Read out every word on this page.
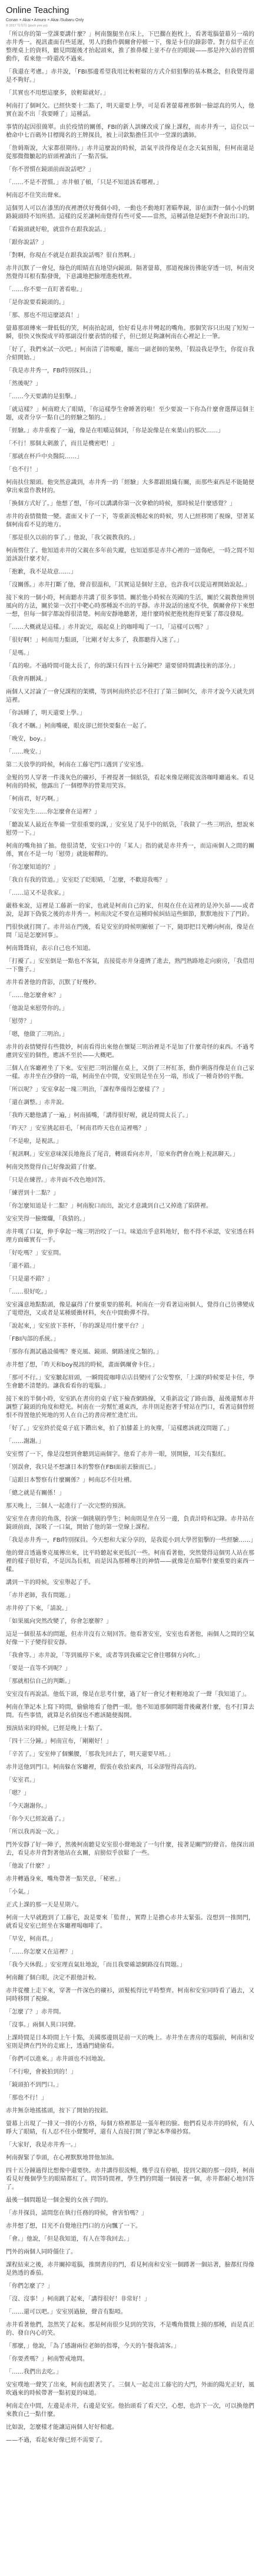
Online Teaching
Conan × Akai • Amuro × Akai /Subaru Only
© 2017 每每每 (poch yon yo)

「所以你的第一堂課要講什麼？」柯南盤腿坐在床上，下巴擱在抱枕上，看著電腦螢幕另一端的赤井秀一。視訊畫面有些延遲，男人的動作偶爾會停頓一下，像是卡住的錄影帶。對方似乎正在整理桌上的資料，聽見問題後才抬起頭來，推了推鼻樑上並不存在的眼鏡——那是沖矢昴的習慣動作，看來他一時還改不過來。

「我還在考慮。」赤井說，「FBI那邊希望我用比較輕鬆的方式介紹狙擊的基本概念，但我覺得還是不夠好。」

「其實也不用想這麼多，放輕鬆就好。」

柯南打了個呵欠。已經快要十二點了，明天還要上學，可是看著螢幕裡那個一臉認真的男人，他實在說不出「我要睡了」這種話。

事情的起因很簡單。由於疫情的關係，FBI的新人訓練改成了線上課程，而赤井秀一，這位以一槍命中七百碼外目標聞名的王牌探員，被上司欽點擔任其中一堂課的講師。

「詹姆斯說，大家都很期待。」赤井這麼說的時候，語氣平淡得像是在念天氣預報，但柯南還是從那微微皺起的眉頭裡讀出了一點苦惱。

「你不習慣在鏡頭前面說話吧？」

「……不是不習慣。」赤井頓了頓，「只是不知道該看哪裡。」

柯南忍不住笑出聲來。

這個男人可以在漆黑的夜裡潛伏好幾個小時，一動也不動地盯著瞄準鏡，卻在面對一個小小的網路鏡頭時不知所措。這樣的反差讓柯南覺得有些可愛——當然，這種話他是絕對不會說出口的。

「看鏡頭就好啦，就當作在跟我說話。」

「跟你說話？」

「對啊，你現在不就是在跟我說話嗎？很自然啊。」

赤井沉默了一會兒，綠色的眼睛直直地望向鏡頭。隔著螢幕，那道視線彷彿能穿透一切，柯南突然覺得耳根有點發燙，下意識地把臉埋進抱枕裡。

「……你不要一直盯著看啦。」

「是你說要看鏡頭的。」

「那、那也不用這麼認真！」

螢幕那頭傳來一聲低低的笑，柯南抬起頭，恰好看見赤井彎起的嘴角。那個笑容只出現了短短一瞬，很快又恢復成平時那副沒什麼表情的樣子，但已經足夠讓柯南在心裡記上一筆。

「好了，我們來試一次吧。」柯南清了清喉嚨，擺出一副老師的架勢，「假設我是學生，你從自我介紹開始。」

「我是赤井秀一，FBI特別探員。」

「然後呢？」

「……今天要講的是狙擊。」

「就這樣？」柯南瞪大了眼睛，「你這樣學生會睡著的啦！至少要說一下你為什麼會選擇這個主題，或者分享一點自己的經驗之類的。」

「經驗。」赤井重複了一遍，像是在咀嚼這個詞，「你是說像是在來葉山的那次……」

「不行！那個太刺激了，而且是機密吧！」

「那就在杯戶中央醫院……」

「也不行！」

柯南扶住額頭。他突然意識到，赤井秀一的「經驗」大多都跟組織有關，而那些東西是不能隨便拿出來當作教材的。

「換個方式好了。」他想了想，「你可以講講你第一次拿槍的時候，那時候是什麼感覺？」

赤井的表情微微一變。畫面又卡了一下，等重新流暢起來的時候，男人已經移開了視線，望著某個柯南看不見的地方。

「那是很久以前的事了。」他說，「我父親教我的。」

柯南愣住了。他知道赤井的父親在多年前失蹤，也知道那是赤井心裡的一道傷疤，一時之間不知道該說什麼才好。

「抱歉，我不是故意……」

「沒關係。」赤井打斷了他，聲音很溫和，「其實這是個好主意，也許我可以從這裡開始說起。」

接下來的一個小時，柯南聽赤井講了很多事情。關於他小時候在英國的生活，關於父親教他辨別風向的方法，關於第一次打中靶心時那種說不出的平靜。赤井說話的速度不快，偶爾會停下來想一想，但每一個字都說得很清楚。柯南安靜地聽著，連什麼時候把抱枕抱得更緊了都沒發現。

「……大概就是這樣。」赤井說完，端起桌上的咖啡喝了一口，「這樣可以嗎？」

「很好啊！」柯南用力點頭，「比剛才好太多了，我都聽得入迷了。」

「是嗎。」

「真的啦。不過時間可能太長了，你的課只有四十五分鐘吧？還要留時間講技術的部分。」

「我會再刪減。」

兩個人又討論了一會兒課程的架構，等到柯南終於忍不住打了第三個呵欠，赤井才說今天就先到這裡。

「你該睡了，明天還要上學。」

「我才不睏。」柯南嘴硬，眼皮卻已經快要黏在一起了。

「晚安，boy。」

「……晚安。」

第二天放學的時候，柯南在工藤宅門口遇到了安室透。

金髮的男人穿著一件淺灰色的襯衫，手裡提著一個紙袋，看起來像是剛從波洛咖啡廳過來。看見柯南的時候，他露出了一個標準的營業用笑容。

「柯南君，好巧啊。」

「安室先生……你怎麼會在這裡？」

「聽說某人最近在準備一堂很重要的課，」安室晃了晃手中的紙袋，「我做了一些三明治，想說來慰勞一下。」

柯南的嘴角抽了抽。他很清楚，安室口中的「某人」指的就是赤井秀一，而這兩個人之間的關係，實在不是一句「慰勞」就能解釋的。

「你怎麼知道的？」

「我自有我的管道。」安室眨了眨眼睛，「怎麼，不歡迎我嗎？」

「……這又不是我家。」

嚴格來說，這裡是工藤新一的家，也就是柯南自己的家，但現在住在這裡的是沖矢昴——或者說，是卸下偽裝之後的赤井秀一。柯南決定不要在這種時候糾結這些細節，默默地按下了門鈴。

門很快就打開了。赤井站在門後，看見安室的時候明顯頓了一下，隨即把目光轉向柯南，像是在問「這是怎麼回事」。

柯南聳聳肩，表示自己也不知道。

「打擾了。」安室倒是一點也不客氣，直接從赤井身邊擠了進去，熟門熟路地走向廚房，「我借用一下盤子。」

赤井看著他的背影，沉默了好幾秒。

「……他怎麼會來？」

「他說是來慰勞你的。」

「慰勞？」

「嗯，他做了三明治。」

赤井的表情變得有些微妙，柯南看得出來他在懷疑三明治裡是不是加了什麼奇怪的東西。不過考慮到安室的個性，應該不至於——大概吧。

三個人在客廳裡坐了下來。安室把三明治擺在桌上，又倒了三杯紅茶，動作俐落得像是在自己家一樣。赤井坐在沙發的一端，柯南坐在中間，安室則是坐在另一端，形成了一種奇妙的平衡。

「所以呢？」安室拿起一塊三明治，「課程準備得怎麼樣了？」

「還在調整。」赤井說。

「我昨天聽他講了一遍，」柯南插嘴，「講得很好喔，就是時間太長了。」

「昨天？」安室挑起眉毛，「柯南君昨天也在這裡嗎？」

「不是啦，是視訊。」

「視訊啊。」安室意味深長地拖長了尾音，轉頭看向赤井，「原來你們會在晚上視訊聊天。」

柯南突然覺得自己好像說錯了什麼。

「只是在練習。」赤井面不改色地回答。

「練習到十二點？」

「你怎麼知道是十二點？」柯南脫口而出，說完才意識到自己又掉進了陷阱裡。

安室笑得一臉燦爛，「我猜的。」

赤井嘆了口氣，伸手拿起一塊三明治咬了一口。味道出乎意料地好，他不得不承認，安室透在料理方面確實有一手。

「好吃嗎？」安室問。

「還不錯。」

「只是還不錯？」

「……很好吃。」

安室滿意地點點頭，像是贏得了什麼重要的勝利。柯南在一旁看著這兩個人，覺得自己彷彿變成了電燈泡，又或者是某種緩衝材料，夾在中間動彈不得。

「說起來，」安室放下茶杯，「你的課是用什麼平台？」

「FBI內部的系統。」

「那你有測試過設備嗎？麥克風、鏡頭、網路速度之類的。」

赤井想了想，「昨天和boy視訊的時候，畫面偶爾會卡住。」

「那可不行。」安室皺起眉頭，一瞬間從咖啡店店員變回了公安警察，「上課的時候要是卡住，學生會聽不清楚的。讓我看看你的電腦。」

接下來的半個小時，安室趴在書房的桌子底下檢查網路線，又重新設定了路由器，最後還幫赤井調整了鏡頭的角度和燈光。柯南在一旁幫忙遞東西，赤井則是抱著手臂站在門口，看著這個曾經恨不得置他於死地的男人在自己的書房裡忙進忙出。

「好了。」安室終於從桌子底下鑽出來，拍了拍膝蓋上的灰塵，「這樣應該就沒問題了。」

「……謝謝。」

安室愣了一下，像是沒想到會聽到這兩個字。他看了赤井一眼，別開臉，耳尖有點紅。

「別誤會，我只是不想讓日本的警察在FBI面前丟臉而已。」

「這跟日本警察有什麼關係？」柯南忍不住吐槽。

「總之就是有關係！」

那天晚上，三個人一起進行了一次完整的預演。

安室坐在書房的角落，扮演一個挑剔的學生；柯南則是坐在另一邊，負責計時和記錄。赤井站在鏡頭前面，深吸了一口氣，開始了他的第一堂線上課程。

「我是赤井秀一，FBI特別探員。今天想和大家分享的，是我從小到大學習狙擊的一些經驗……」

他的聲音透過麥克風傳出來，比平時聽起來更低沉一些。柯南看著他，突然覺得這個男人站在那裡的樣子很好看，不是因為長相，而是因為那種專注的神情——就像是在瞄準什麼重要的東西一樣。

講到一半的時候，安室舉起了手。

「赤井老師，我有問題。」

赤井停了下來，「請說。」

「如果風向突然改變了，你會怎麼辦？」

這是一個很基本的問題，但赤井沒有立刻回答。他看著安室，安室也看著他，兩個人之間的空氣好像一下子變得很安靜。

「我會等。」赤井說，「等到風停下來，或者等到我確定它會往哪個方向吹。」

「要是一直等不到呢？」

「那就相信自己的判斷。」

安室沒有再說話。他低下頭，像是在思考什麼，過了好一會兒才輕輕地說了一聲「我知道了」。

柯南在筆記本上寫下時間，偷偷地看了他們一眼。他不知道那個問題背後藏著什麼，也不打算去問。有些事情，就算是名偵探也不應該隨便揭開。

預演結束的時候，已經是晚上十點了。

「四十三分鐘。」柯南宣布，「剛剛好！」

「辛苦了。」安室伸了個懶腰，「那我先回去了，明天還要早班。」

赤井送他到門口。柯南躲在客廳裡，假裝在收拾東西，耳朵卻豎得高高的。

「安室君。」

「嗯？」

「今天謝謝你。」

「你今天已經說過了。」

「所以我再說一次。」

門外安靜了好一陣子，然後柯南聽見安室很小聲地說了一句什麼，接著是關門的聲音。他探出頭去，看見赤井背對著他站在玄關，肩膀似乎放鬆了一些。

「他說了什麼？」

赤井轉過身來，嘴角帶著一點笑意，「秘密。」

「小氣。」

正式上課的那一天是星期六。

柯南一大早就跑到了工藤宅，說是要來「監督」，實際上是擔心赤井太緊張。沒想到一推開門，就看見安室已經坐在客廳裡喝咖啡了。

「早安，柯南君。」

「……你怎麼又在這裡？」

「我今天休假。」安室理直氣壯地說，「而且我要確認網路沒有問題。」

柯南翻了個白眼，決定不跟他計較。

赤井從樓上走下來，穿著一件深色的襯衫，頭髮梳得比平時整齊。柯南和安室同時看了過去，又同時移開了視線。

「怎麼了？」赤井問。

「沒事。」兩個人異口同聲。

上課時間是日本時間上午十點，美國那邊則是前一天的晚上。赤井坐在書房的電腦前，柯南和安室則是擠在門外的走廊上，透過門縫偷看。

「你們可以進來。」赤井頭也不回地說。

「不行啦，會被拍到的！」

「鏡頭拍不到門口。」

「那也不行！」

赤井無奈地搖搖頭，按下了開始的按鈕。

螢幕上出現了一排又一排的小方格，每個方格裡都是一張年輕的臉。他們看見赤井的時候，有人睜大了眼睛，有人忍不住小聲驚呼，還有人直接打開了筆記本準備抄寫。

「大家好，我是赤井秀一。」

柯南握緊了拳頭，在心裡默默地替他加油。

四十五分鐘過得比想像中還要快。赤井講得很流暢，幾乎沒有停頓，提到父親的那一段時，柯南看見好幾個學生的眼睛都紅了。問答時間裡，學生們的問題一個接著一個，赤井都耐心地回答了。

最後一個問題是一個金髮的女孩子問的。

「赤井探員，請問您在執行任務的時候，會害怕嗎？」

赤井想了想，目光不自覺地往門口的方向飄了一下。

「會。」他說，「但是我知道，有人在等我回去。」

門外的兩個人同時僵住了。

課程結束之後，赤井關掉電腦，推開書房的門，看見柯南和安室一個蹲著一個站著，臉都紅得像是熟透的番茄。

「你們怎麼了？」

「沒、沒事！」柯南跳了起來，「講得很好！非常好！」

「……還可以吧。」安室別過臉，聲音有點啞。

赤井看著他們，忽然笑了起來。那是柯南很少見到的笑容，不是嘴角微微上揚的那種，而是真正的、發自內心的笑。

「那麼，」他說，「為了感謝兩位老師的指導，今天的午餐我請客。」

「你要煮嗎？」柯南警戒地問。

「……我們出去吃。」

安室噗地一聲笑了出來，柯南也跟著笑了。三個人一起走出工藤宅的大門，外面的陽光正好，風吹過來的時候帶著一點初夏的味道。

柯南走在中間，左邊是赤井，右邊是安室。他抬頭看了看天空，心想，也許下一次，可以換他們來教自己一點什麼。

比如說，怎麼樣才能讓這兩個人好好相處。

——不過，看起來好像已經不需要了。
